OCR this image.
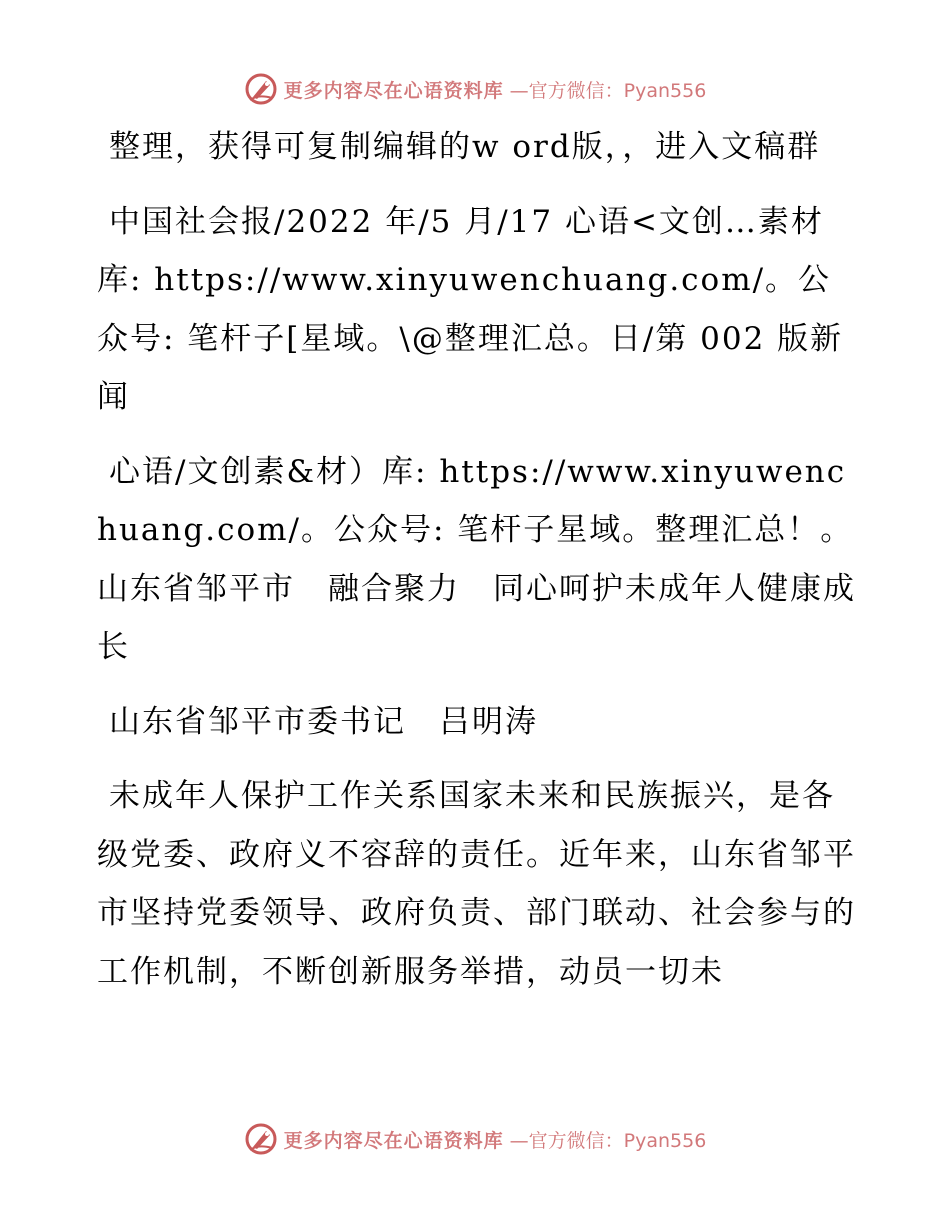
更多内容尽在心语资料库 —官方微信：Pyan556

整理，获得可复制编辑的w ord版，，进入文稿群

中国社会报/2022 年/5 月/17 心语<文创…素材库: https://www.xinyuwenchuang.com/。公众号: 笔杆子[星域。\@整理汇总。日/第 002 版新闻

心语/文创素&材）库: https://www.xinyuwenchuang.com/。公众号: 笔杆子星域。整理汇总！。山东省邹平市　融合聚力　同心呵护未成年人健康成长

山东省邹平市委书记　吕明涛

未成年人保护工作关系国家未来和民族振兴，是各级党委、政府义不容辞的责任。近年来，山东省邹平市坚持党委领导、政府负责、部门联动、社会参与的工作机制，不断创新服务举措，动员一切未

更多内容尽在心语资料库 —官方微信：Pyan556
